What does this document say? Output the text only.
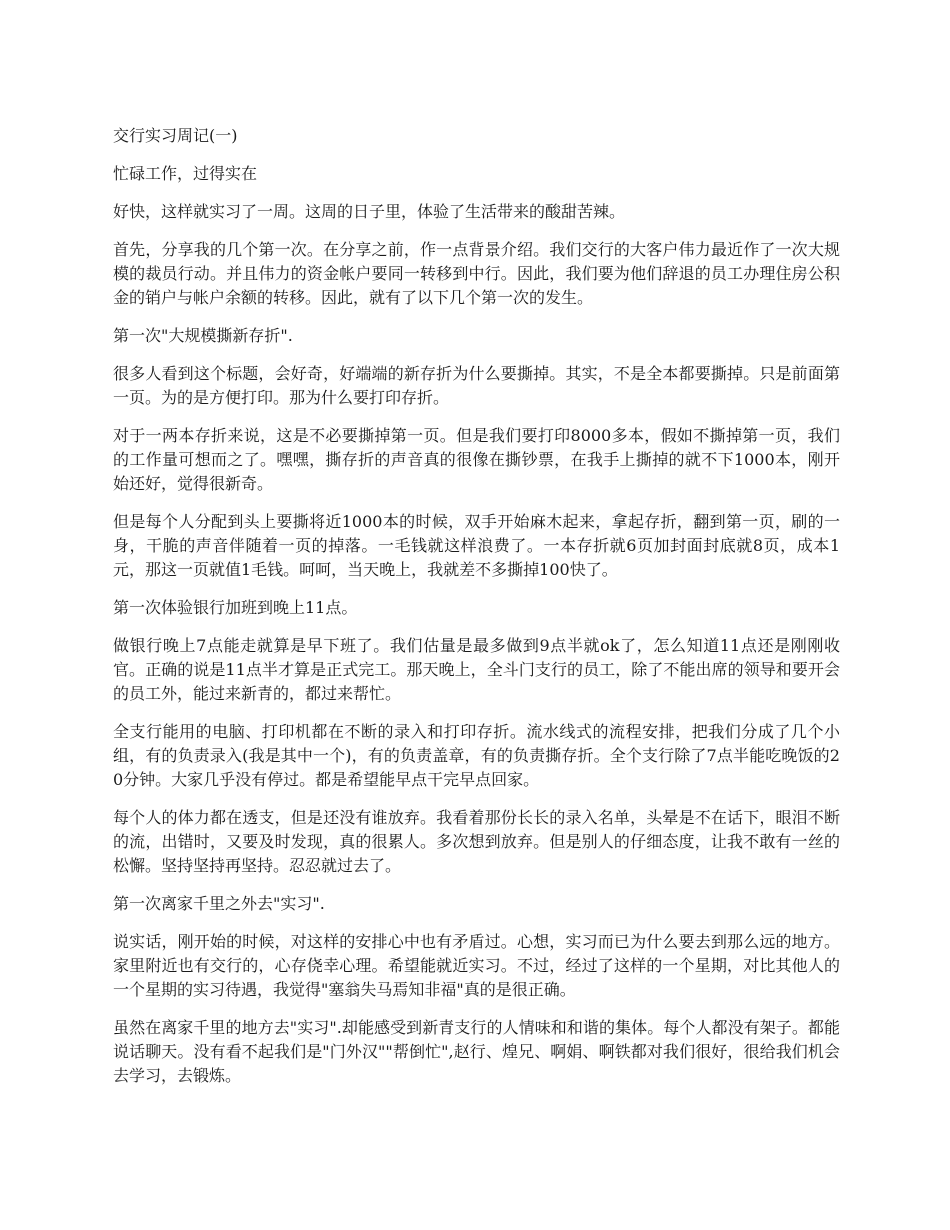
交行实习周记(一)

忙碌工作，过得实在

好快，这样就实习了一周。这周的日子里，体验了生活带来的酸甜苦辣。

首先，分享我的几个第一次。在分享之前，作一点背景介绍。我们交行的大客户伟力最近作了一次大规模的裁员行动。并且伟力的资金帐户要同一转移到中行。因此，我们要为他们辞退的员工办理住房公积金的销户与帐户余额的转移。因此，就有了以下几个第一次的发生。

第一次"大规模撕新存折".

很多人看到这个标题，会好奇，好端端的新存折为什么要撕掉。其实，不是全本都要撕掉。只是前面第一页。为的是方便打印。那为什么要打印存折。

对于一两本存折来说，这是不必要撕掉第一页。但是我们要打印8000多本，假如不撕掉第一页，我们的工作量可想而之了。嘿嘿，撕存折的声音真的很像在撕钞票，在我手上撕掉的就不下1000本，刚开始还好，觉得很新奇。

但是每个人分配到头上要撕将近1000本的时候，双手开始麻木起来，拿起存折，翻到第一页，刷的一身，干脆的声音伴随着一页的掉落。一毛钱就这样浪费了。一本存折就6页加封面封底就8页，成本1元，那这一页就值1毛钱。呵呵，当天晚上，我就差不多撕掉100快了。

第一次体验银行加班到晚上11点。

做银行晚上7点能走就算是早下班了。我们估量是最多做到9点半就ok了，怎么知道11点还是刚刚收官。正确的说是11点半才算是正式完工。那天晚上，全斗门支行的员工，除了不能出席的领导和要开会的员工外，能过来新青的，都过来帮忙。

全支行能用的电脑、打印机都在不断的录入和打印存折。流水线式的流程安排，把我们分成了几个小组，有的负责录入(我是其中一个)，有的负责盖章，有的负责撕存折。全个支行除了7点半能吃晚饭的20分钟。大家几乎没有停过。都是希望能早点干完早点回家。

每个人的体力都在透支，但是还没有谁放弃。我看着那份长长的录入名单，头晕是不在话下，眼泪不断的流，出错时，又要及时发现，真的很累人。多次想到放弃。但是别人的仔细态度，让我不敢有一丝的松懈。坚持坚持再坚持。忍忍就过去了。

第一次离家千里之外去"实习".

说实话，刚开始的时候，对这样的安排心中也有矛盾过。心想，实习而已为什么要去到那么远的地方。家里附近也有交行的，心存侥幸心理。希望能就近实习。不过，经过了这样的一个星期，对比其他人的一个星期的实习待遇，我觉得"塞翁失马焉知非福"真的是很正确。

虽然在离家千里的地方去"实习".却能感受到新青支行的人情味和和谐的集体。每个人都没有架子。都能说话聊天。没有看不起我们是"门外汉""帮倒忙",赵行、煌兄、啊娟、啊铁都对我们很好，很给我们机会去学习，去锻炼。
